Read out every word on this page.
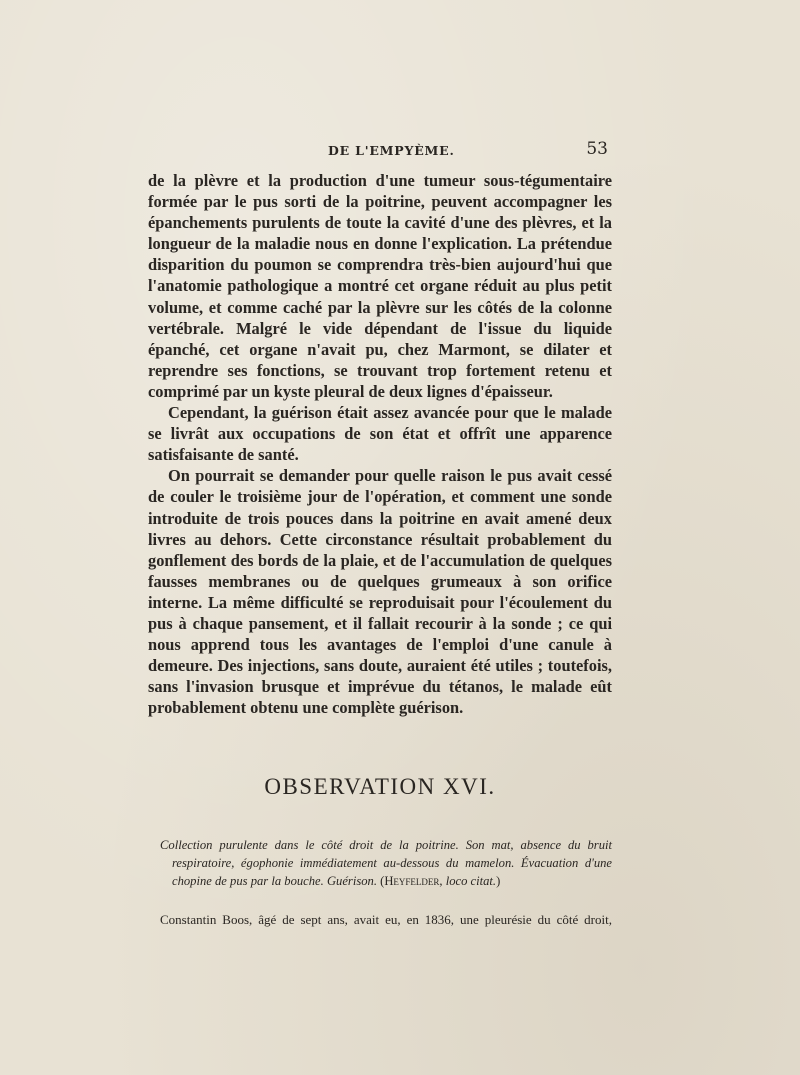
DE L'EMPYÈME.	53

de la plèvre et la production d'une tumeur sous-tégumentaire formée par le pus sorti de la poitrine, peuvent accompagner les épanchements purulents de toute la cavité d'une des plèvres, et la longueur de la maladie nous en donne l'explication. La prétendue disparition du poumon se comprendra très-bien aujourd'hui que l'anatomie pathologique a montré cet organe réduit au plus petit volume, et comme caché par la plèvre sur les côtés de la colonne vertébrale. Malgré le vide dépendant de l'issue du liquide épanché, cet organe n'avait pu, chez Marmont, se dilater et reprendre ses fonctions, se trouvant trop fortement retenu et comprimé par un kyste pleural de deux lignes d'épaisseur.

Cependant, la guérison était assez avancée pour que le malade se livrât aux occupations de son état et offrît une apparence satisfaisante de santé.

On pourrait se demander pour quelle raison le pus avait cessé de couler le troisième jour de l'opération, et comment une sonde introduite de trois pouces dans la poitrine en avait amené deux livres au dehors. Cette circonstance résultait probablement du gonflement des bords de la plaie, et de l'accumulation de quelques fausses membranes ou de quelques grumeaux à son orifice interne. La même difficulté se reproduisait pour l'écoulement du pus à chaque pansement, et il fallait recourir à la sonde ; ce qui nous apprend tous les avantages de l'emploi d'une canule à demeure. Des injections, sans doute, auraient été utiles ; toutefois, sans l'invasion brusque et imprévue du tétanos, le malade eût probablement obtenu une complète guérison.

OBSERVATION XVI.

Collection purulente dans le côté droit de la poitrine. Son mat, absence du bruit respiratoire, égophonie immédiatement au-dessous du mamelon. Évacuation d'une chopine de pus par la bouche. Guérison. (Heyfelder, loco citat.)

Constantin Boos, âgé de sept ans, avait eu, en 1836, une pleurésie du côté droit,
